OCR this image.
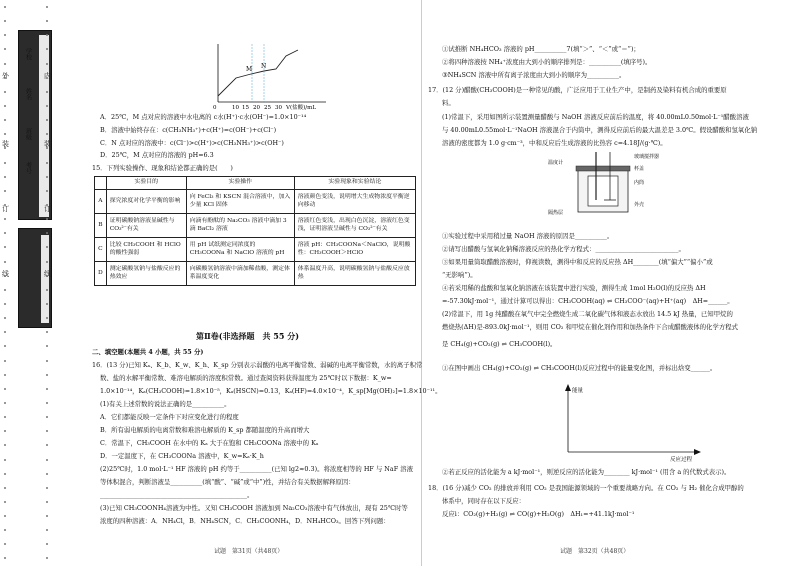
外
装
订
线
学校
姓名
班级
考号
内
装
订
线
M N
0	10 15 20 25 30 V(盐酸)/mL
A．25℃，M 点对应的溶液中水电离的 c水(H⁺)·c水(OH⁻)=1.0×10⁻¹⁴
B．溶液中始终存在：c(CH₃NH₃⁺)+c(H⁺)=c(OH⁻)+c(Cl⁻)
C．N 点对应的溶液中：c(Cl⁻)>c(H⁺)>c(CH₃NH₃⁺)>c(OH⁻)
D．25℃，M 点对应的溶液的 pH=6.3
15．下列实验操作、现象和结论都正确的是(　　)
	实验目的	实验操作	实验现象和实验结论
A	探究浓度对化学平衡的影响	向 FeCl₃ 和 KSCN 混合溶液中，加入少量 KCl 固体	溶液颜色变浅，说明增大生成物浓度平衡逆向移动
B	证明碳酸钠溶液显碱性与 CO₃²⁻有关	向滴有酚酞的 Na₂CO₃ 溶液中滴加 3 滴 BaCl₂ 溶液	溶液红色变浅，出现白色沉淀，溶液红色变浅，证明溶液呈碱性与 CO₃²⁻有关
C	比较 CH₃COOH 和 HClO 的酸性强弱	用 pH 试纸测定同浓度的 CH₃COONa 和 NaClO 溶液的 pH	溶液 pH：CH₃COONa＜NaClO，说明酸性：CH₃COOH＞HClO
D	测定碳酸氢钠与盐酸反应的热效应	向碳酸氢钠溶液中滴加稀盐酸，测定体系温度变化	体系温度升高，说明碳酸氢钠与盐酸反应放热
第Ⅱ卷(非选择题　共 55 分)
二、填空题(本题共 4 小题，共 55 分)
16．(13 分)已知 Kₐ、K_b、K_w、K_h、K_sp 分别表示弱酸的电离平衡常数、弱碱的电离平衡常数，水的离子积常
数、盐的水解平衡常数、难溶电解质的溶度积常数。通过查阅资料获得温度为 25℃时以下数据：K_w=
1.0×10⁻¹⁴，Kₐ(CH₃COOH)=1.8×10⁻⁵，Kₐ(HSCN)=0.13，Kₐ(HF)=4.0×10⁻⁴，K_sp[Mg(OH)₂]=1.8×10⁻¹¹。
(1)有关上述常数的说法正确的是__________。
A．它们都能反映一定条件下对应变化进行的程度
B．所有弱电解质的电离常数和难溶电解质的 K_sp 都随温度的升高而增大
C．常温下，CH₃COOH 在水中的 Kₐ 大于在饱和 CH₃COONa 溶液中的 Kₐ
D．一定温度下，在 CH₃COONa 溶液中，K_w=Kₐ·K_h
(2)25℃时，1.0 mol·L⁻¹ HF 溶液的 pH 约等于__________(已知 lg2≈0.3)。将浓度相等的 HF 与 NaF 溶液
等体积混合，判断溶液呈__________(填“酸”、“碱”或“中”)性，并结合有关数据解释原因：
______________________________________________。
(3)已知 CH₃COONH₄溶液为中性。又知 CH₃COOH 溶液加到 Na₂CO₃溶液中有气体放出，现有 25℃时等
浓度的四种溶液：A．NH₄Cl，B．NH₄SCN，C．CH₃COONH₄，D．NH₄HCO₃。回答下列问题：
试题　第31页（共48页）
①试推断 NH₄HCO₃ 溶液的 pH__________7(填“＞”、“＜”或“＝”)；
②将四种溶液按 NH₄⁺浓度由大到小的顺序排列是：__________(填序号)。
③NH₄SCN 溶液中所有离子浓度由大到小的顺序为__________。
17．(12 分)醋酸(CH₃COOH)是一种常见的酸，广泛应用于工业生产中，是制药及染料有机合成的重要原
料。
(1)常温下，采用如图所示装置测量醋酸与 NaOH 溶液反应前后的温度，将 40.00mL0.50mol·L⁻¹醋酸溶液
与 40.00mL0.55mol·L⁻¹NaOH 溶液混合于内筒中，测得反应前后的最大温差是 3.0℃。假设醋酸和氢氧化钠
溶液的密度都为 1.0 g·cm⁻³，中和反应后生成溶液的比热容 c=4.18J/(g·℃)。
温度计
玻璃搅拌器
杯盖
内筒
隔热层
外壳
①实验过程中采用稍过量 NaOH 溶液的原因是__________。
②请写出醋酸与氢氧化钠稀溶液反应的热化学方程式：__________________________。
③如果用量筒取醋酸溶液时，仰视读数，测得中和反应的反应热 ΔH________(填“偏大”“偏小”或
“无影响”)。
④若采用稀的盐酸和氢氧化钠溶液在该装置中进行实验，测得生成 1mol H₂O(l)的反应热 ΔH
=-57.30kJ·mol⁻¹，通过计算可以得出：CH₃COOH(aq) ⇌ CH₃COO⁻(aq)+H⁺(aq)　ΔH=______。
(2)常温下，用 1g 纯醋酸在氧气中完全燃烧生成二氧化碳气体和液态水放出 14.5 kJ 热量，已知甲烷的
燃烧热(ΔH)是-893.0kJ·mol⁻¹，则用 CO₂ 和甲烷在催化剂作用和加热条件下合成醋酸液体的化学方程式
是 CH₄(g)+CO₂(g) ⇌ CH₃COOH(l)。
①在图中画出 CH₄(g)+CO₂(g) ⇌ CH₃COOH(l)反应过程中的能量变化图，并标出焓变______。
能量
反应过程
②若正反应的活化能为 a kJ·mol⁻¹，则逆反应的活化能为________ kJ·mol⁻¹ (用含 a 的代数式表示)。
18．(16 分)减少 CO₂ 的排放并利用 CO₂ 是我国能源领域的一个重要战略方向。在 CO₂ 与 H₂ 催化合成甲醇的
体系中，同时存在以下反应：
反应ⅰ：CO₂(g)+H₂(g) ⇌ CO(g)+H₂O(g)　ΔH₁=+41.1kJ·mol⁻¹
试题　第32页（共48页）
